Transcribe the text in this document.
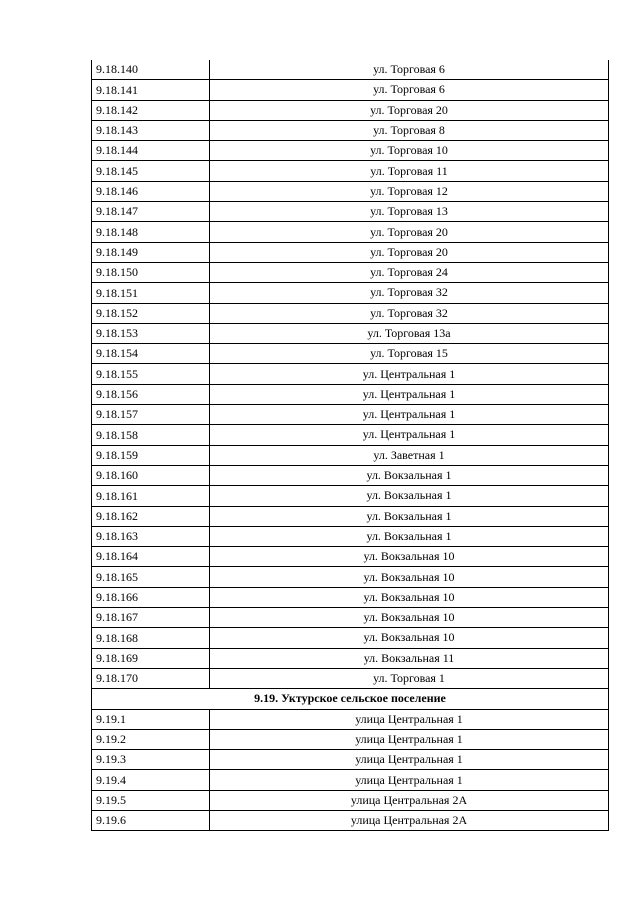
9.18.140	ул. Торговая 6
9.18.141	ул. Торговая 6
9.18.142	ул. Торговая 20
9.18.143	ул. Торговая 8
9.18.144	ул. Торговая 10
9.18.145	ул. Торговая 11
9.18.146	ул. Торговая 12
9.18.147	ул. Торговая 13
9.18.148	ул. Торговая 20
9.18.149	ул. Торговая 20
9.18.150	ул. Торговая 24
9.18.151	ул. Торговая 32
9.18.152	ул. Торговая 32
9.18.153	ул. Торговая 13а
9.18.154	ул. Торговая 15
9.18.155	ул. Центральная 1
9.18.156	ул. Центральная 1
9.18.157	ул. Центральная 1
9.18.158	ул. Центральная 1
9.18.159	ул. Заветная 1
9.18.160	ул. Вокзальная 1
9.18.161	ул. Вокзальная 1
9.18.162	ул. Вокзальная 1
9.18.163	ул. Вокзальная 1
9.18.164	ул. Вокзальная 10
9.18.165	ул. Вокзальная 10
9.18.166	ул. Вокзальная 10
9.18.167	ул. Вокзальная 10
9.18.168	ул. Вокзальная 10
9.18.169	ул. Вокзальная 11
9.18.170	ул. Торговая 1
9.19. Уктурское сельское поселение	
9.19.1	улица Центральная 1
9.19.2	улица Центральная 1
9.19.3	улица Центральная 1
9.19.4	улица Центральная 1
9.19.5	улица Центральная 2А
9.19.6	улица Центральная 2А
